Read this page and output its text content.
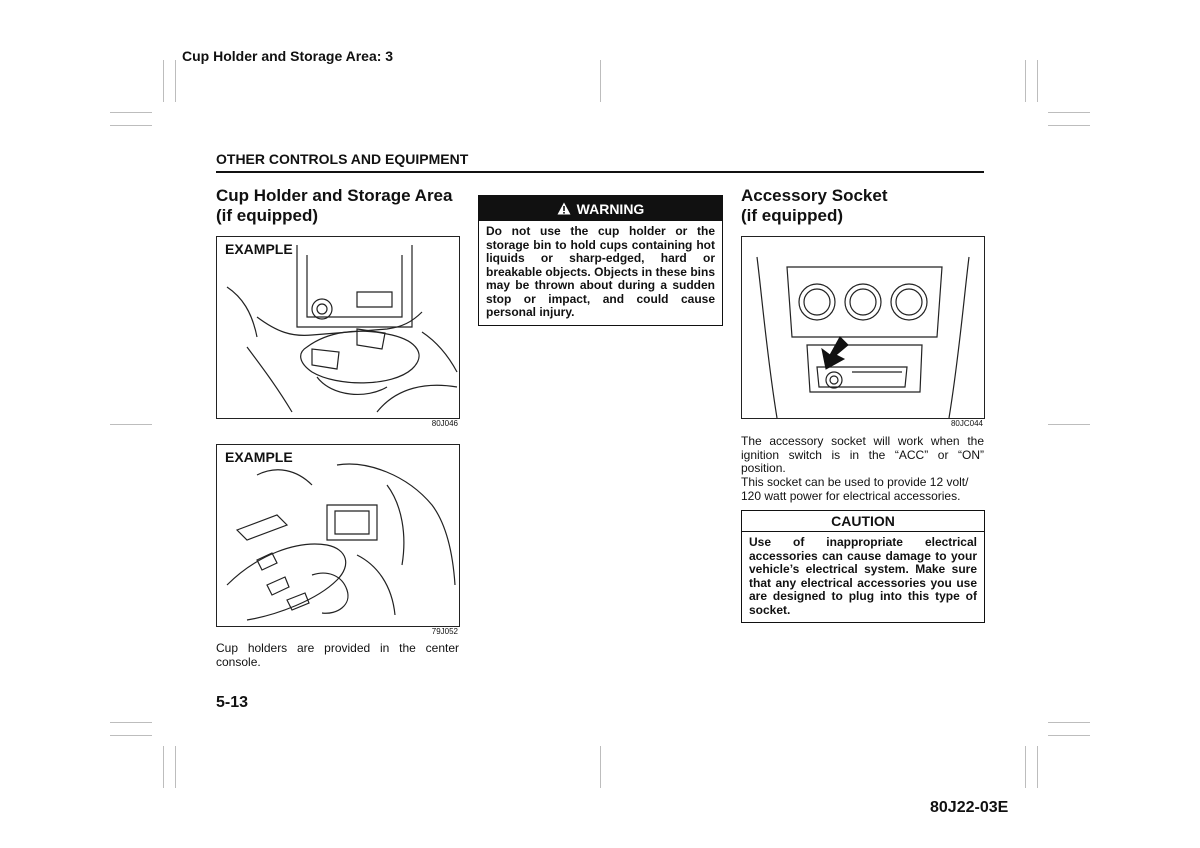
Cup Holder and Storage Area: 3
OTHER CONTROLS AND EQUIPMENT
Cup Holder and Storage Area
(if equipped)
EXAMPLE
80J046
EXAMPLE
79J052
Cup holders are provided in the center console.
WARNING
Do not use the cup holder or the storage bin to hold cups containing hot liquids or sharp-edged, hard or breakable objects. Objects in these bins may be thrown about during a sudden stop or impact, and could cause personal injury.
Accessory Socket
(if equipped)
80JC044
The accessory socket will work when the ignition switch is in the “ACC” or “ON” position.
This socket can be used to provide 12 volt/ 120 watt power for electrical accessories.
CAUTION
Use of inappropriate electrical accessories can cause damage to your vehicle’s electrical system. Make sure that any electrical accessories you use are designed to plug into this type of socket.
5-13
80J22-03E
